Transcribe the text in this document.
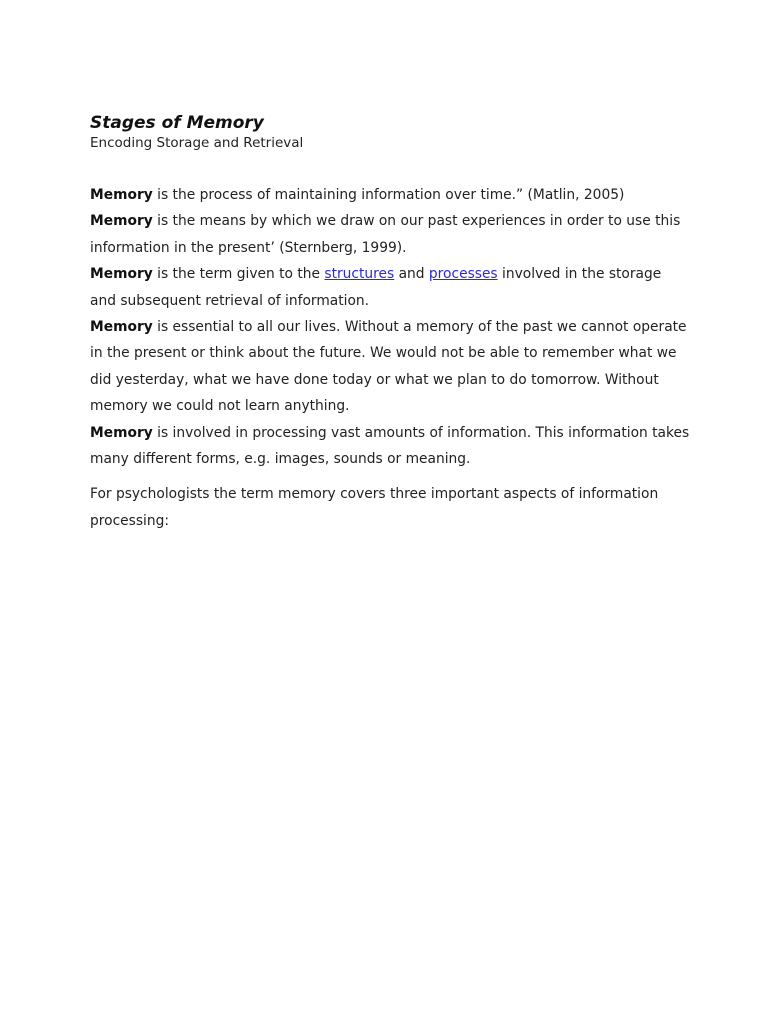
Stages of Memory

Encoding Storage and Retrieval

Memory is the process of maintaining information over time.” (Matlin, 2005)

Memory is the means by which we draw on our past experiences in order to use this information in the present’ (Sternberg, 1999).

Memory is the term given to the structures and processes involved in the storage and subsequent retrieval of information.

Memory is essential to all our lives. Without a memory of the past we cannot operate in the present or think about the future. We would not be able to remember what we did yesterday, what we have done today or what we plan to do tomorrow. Without memory we could not learn anything.

Memory is involved in processing vast amounts of information. This information takes many different forms, e.g. images, sounds or meaning.

For psychologists the term memory covers three important aspects of information processing:
